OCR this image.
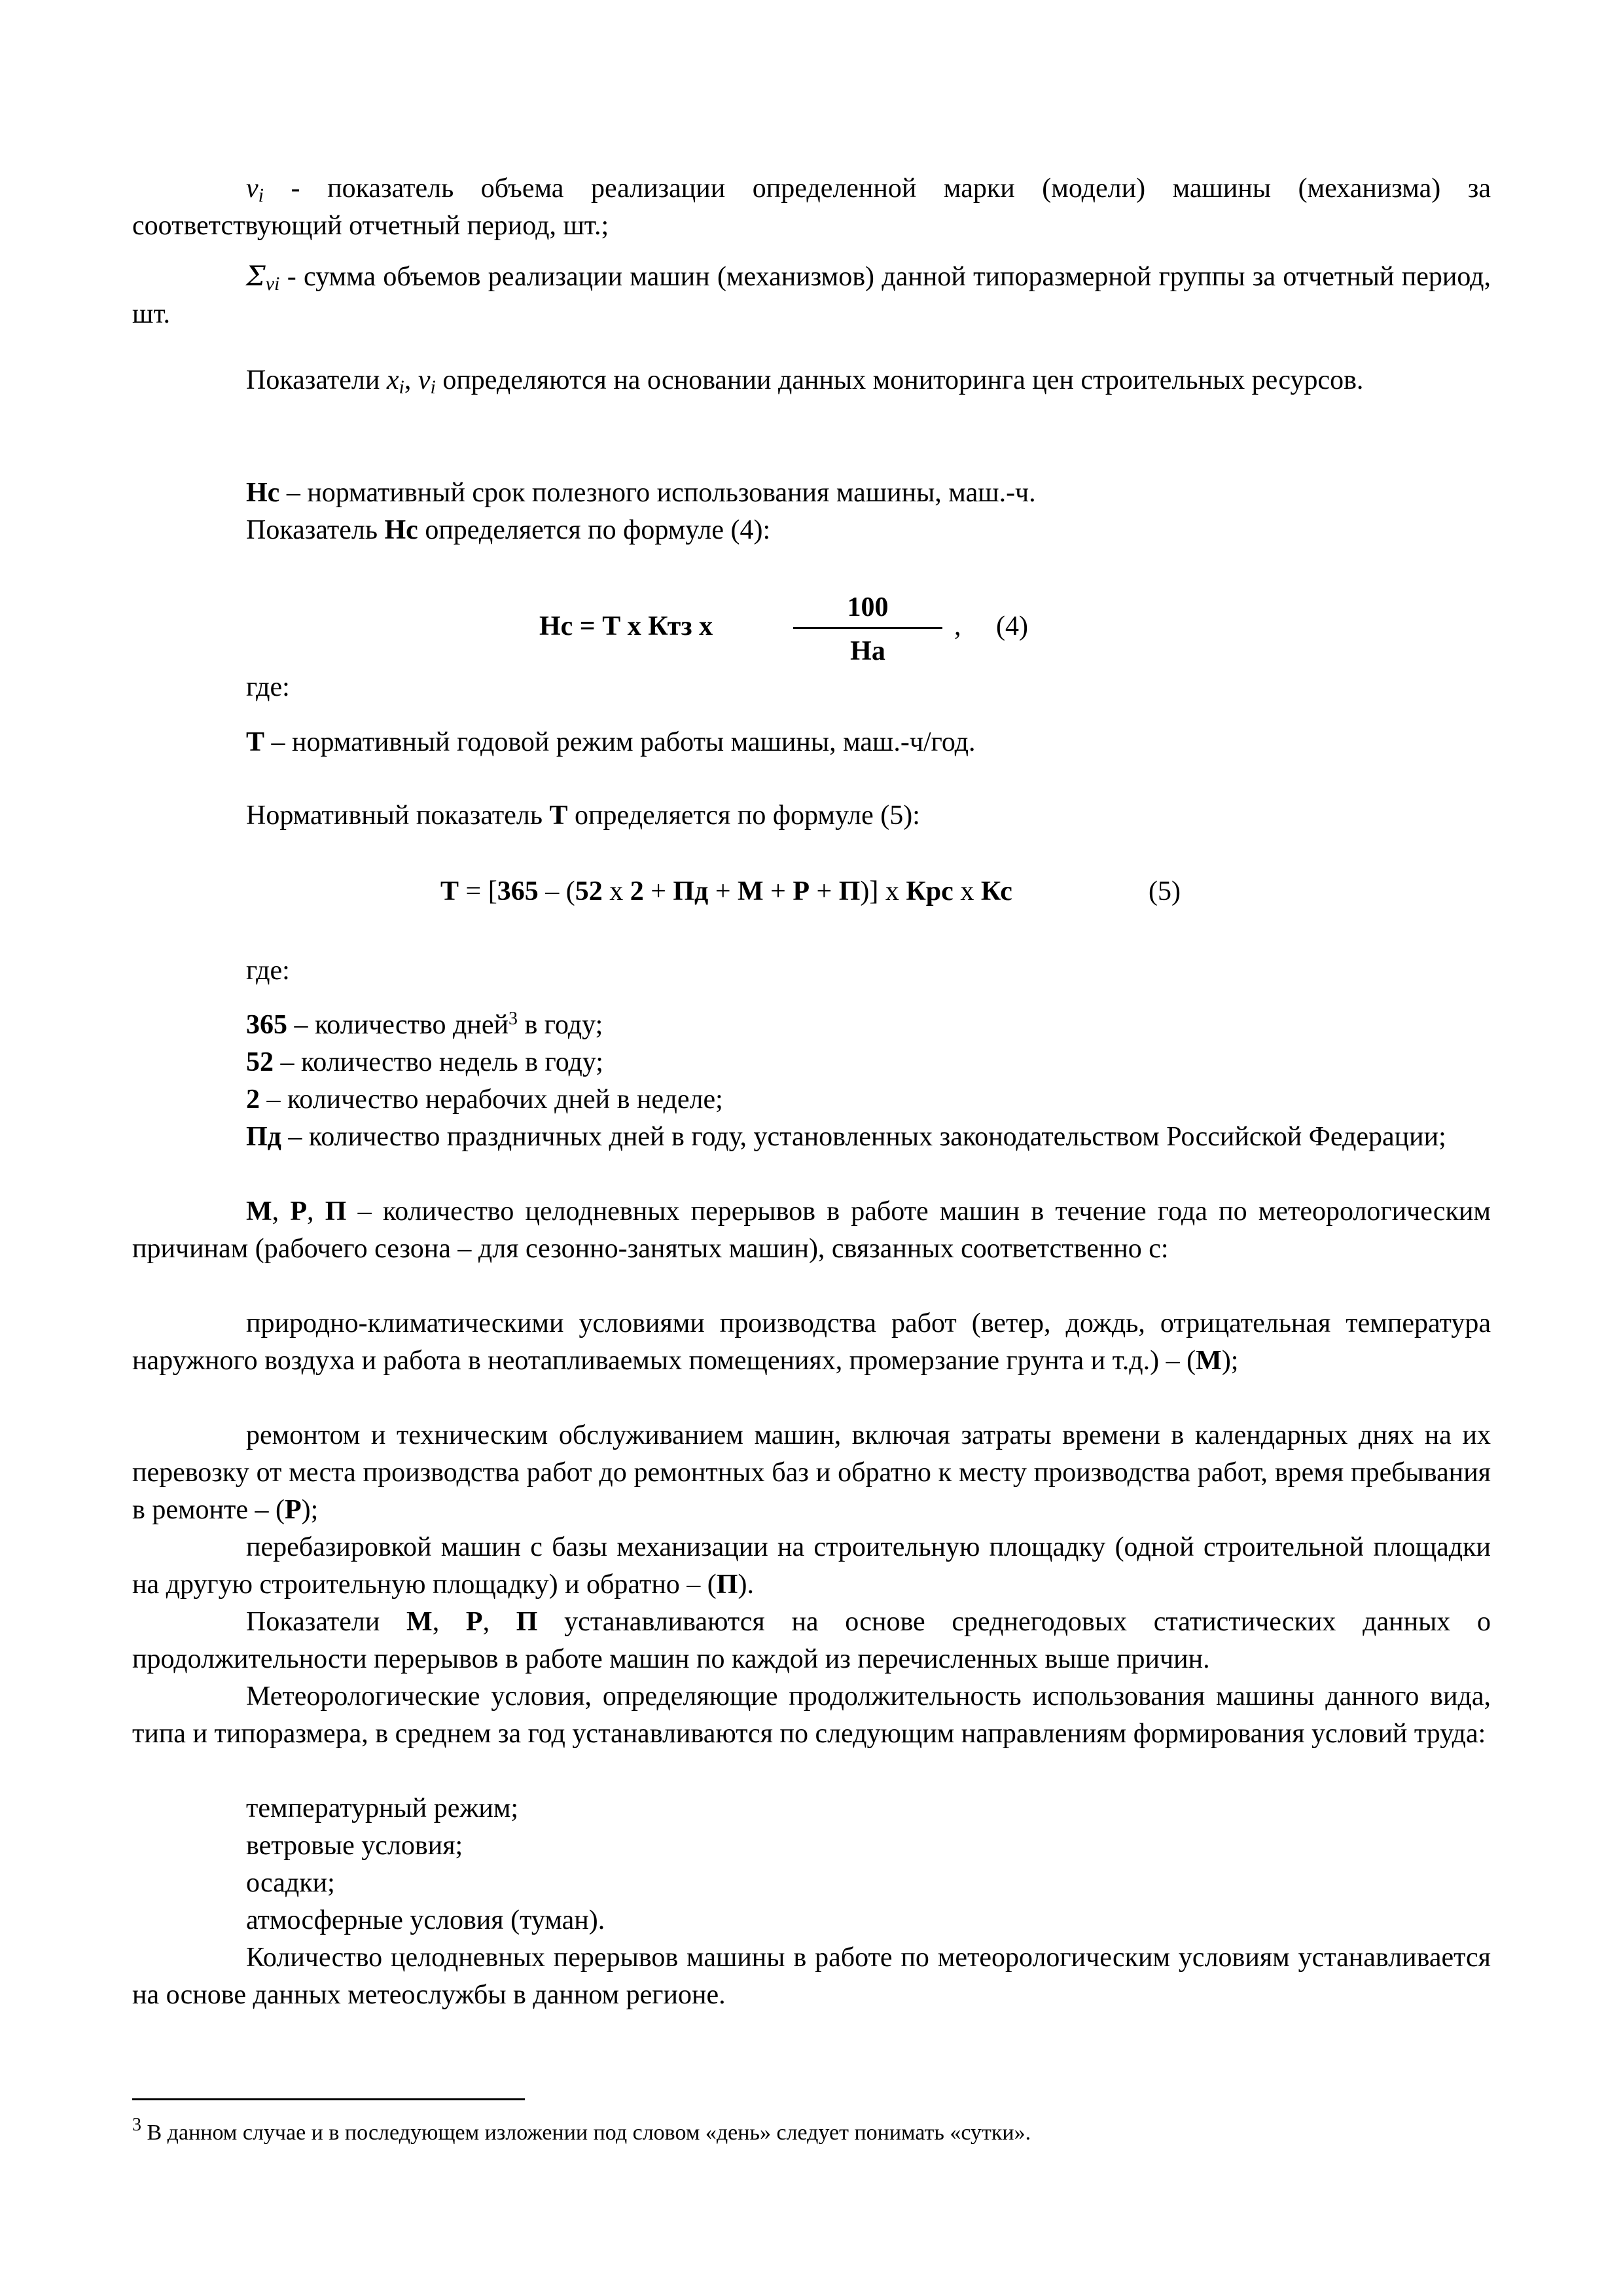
$v_i$ - показатель объема реализации определенной марки (модели) машины (механизма) за соответствующий отчетный период, шт.;

$\Sigma_{vi}$ - сумма объемов реализации машин (механизмов) данной типоразмерной группы за отчетный период, шт.

Показатели $x_i$, $v_i$ определяются на основании данных мониторинга цен строительных ресурсов.

Нс – нормативный срок полезного использования машины, маш.-ч.

Показатель Нс определяется по формуле (4):

Нс = Т х Ктз х
100
На
, (4)

где:

Т – нормативный годовой режим работы машины, маш.-ч/год.

Нормативный показатель Т определяется по формуле (5):

Т = [365 – (52 х 2 + Пд + М + Р + П)] х Крс х Кс	(5)

где:

365 – количество дней$^3$ в году;

52 – количество недель в году;

2 – количество нерабочих дней в неделе;

Пд – количество праздничных дней в году, установленных законодательством Российской Федерации;

М, Р, П – количество целодневных перерывов в работе машин в течение года по метеорологическим причинам (рабочего сезона – для сезонно-занятых машин), связанных соответственно с:

природно-климатическими условиями производства работ (ветер, дождь, отрицательная температура наружного воздуха и работа в неотапливаемых помещениях, промерзание грунта и т.д.) – (М);

ремонтом и техническим обслуживанием машин, включая затраты времени в календарных днях на их перевозку от места производства работ до ремонтных баз и обратно к месту производства работ, время пребывания в ремонте – (Р);

перебазировкой машин с базы механизации на строительную площадку (одной строительной площадки на другую строительную площадку) и обратно – (П).

Показатели М, Р, П устанавливаются на основе среднегодовых статистических данных о продолжительности перерывов в работе машин по каждой из перечисленных выше причин.

Метеорологические условия, определяющие продолжительность использования машины данного вида, типа и типоразмера, в среднем за год устанавливаются по следующим направлениям формирования условий труда:

температурный режим;

ветровые условия;

осадки;

атмосферные условия (туман).

Количество целодневных перерывов машины в работе по метеорологическим условиям устанавливается на основе данных метеослужбы в данном регионе.

$^3$ В данном случае и в последующем изложении под словом «день» следует понимать «сутки».
